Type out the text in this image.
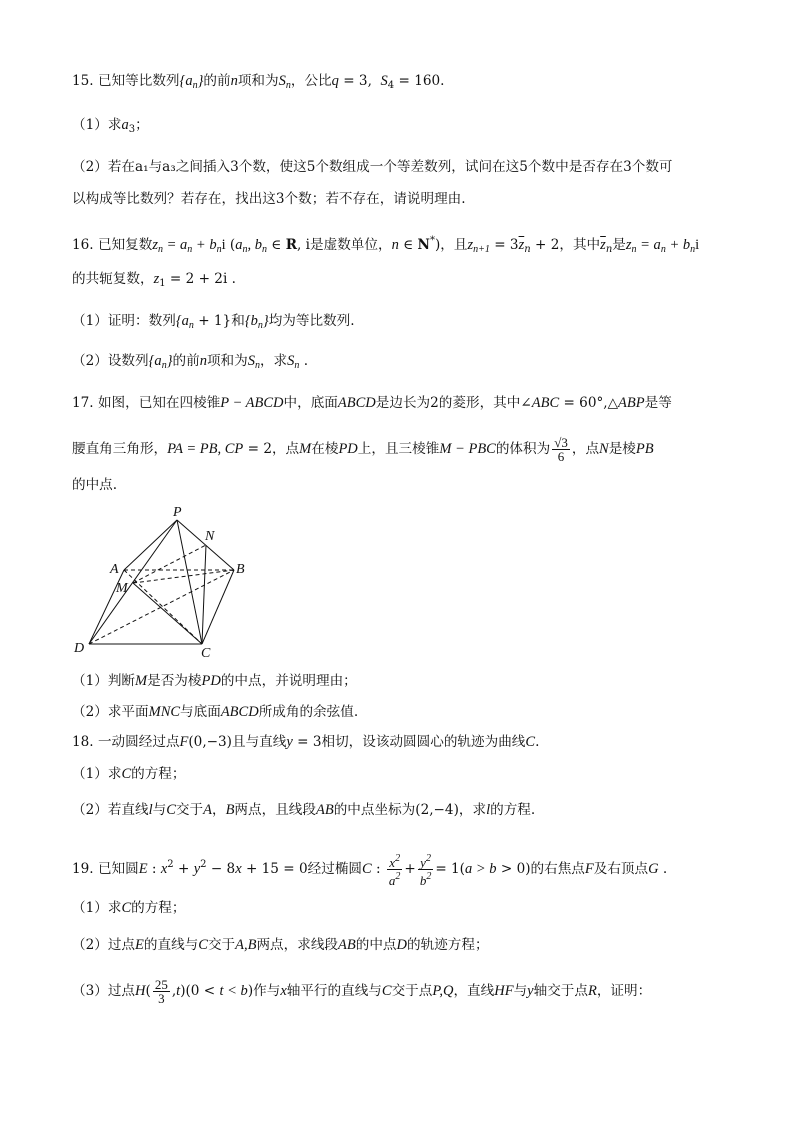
15. 已知等比数列$\{a_n\}$的前n项和为$S_n$，公比q = 3,  $S_4 = 160$.
（1）求$a_3$；
（2）若在a₁与a₃之间插入3个数，使这5个数组成一个等差数列，试问在这5个数中是否存在3个数可
以构成等比数列？若存在，找出这3个数；若不存在，请说明理由.
16. 已知复数$z_n = a_n + b_ni$ ($a_n$, $b_n$ ∈ R, i是虚数单位，n ∈ N*)，且$z_{n+1} = 3\overline{z}_n + 2$，其中$\overline{z}_n$是$z_n = a_n + b_ni$
的共轭复数，$z_1 = 2 + 2i$ .
（1）证明：数列$\{a_n + 1\}$和$\{b_n\}$均为等比数列.
（2）设数列$\{a_n\}$的前n项和为$S_n$，求$S_n$ .
17. 如图，已知在四棱锥P − ABCD中，底面ABCD是边长为2的菱形，其中∠ABC = 60°,△ABP是等
腰直角三角形，PA = PB, CP = 2，点M在棱PD上，且三棱锥M − PBC的体积为 $\frac{√3}{6}$ ，点N是棱PB
的中点.
P
N
A	B
M
D	C
（1）判断M是否为棱PD的中点，并说明理由；
（2）求平面MNC与底面ABCD所成角的余弦值.
18. 一动圆经过点F(0,−3)且与直线y = 3相切，设该动圆圆心的轨迹为曲线C.
（1）求C的方程；
（2）若直线l与C交于A，B两点，且线段AB的中点坐标为(2,−4)，求l的方程.
19. 已知圆E : $x^2 + y^2 - 8x + 15 = 0$经过椭圆C : $\frac{x^2}{a^2} + \frac{y^2}{b^2} = 1(a > b > 0)$的右焦点F及右顶点G .
（1）求C的方程；
（2）过点E的直线与C交于A,B两点，求线段AB的中点D的轨迹方程；
（3）过点$H( \frac{25}{3} ,t)(0 < t < b)$作与x轴平行的直线与C交于点P,Q，直线HF与y轴交于点R，证明：
